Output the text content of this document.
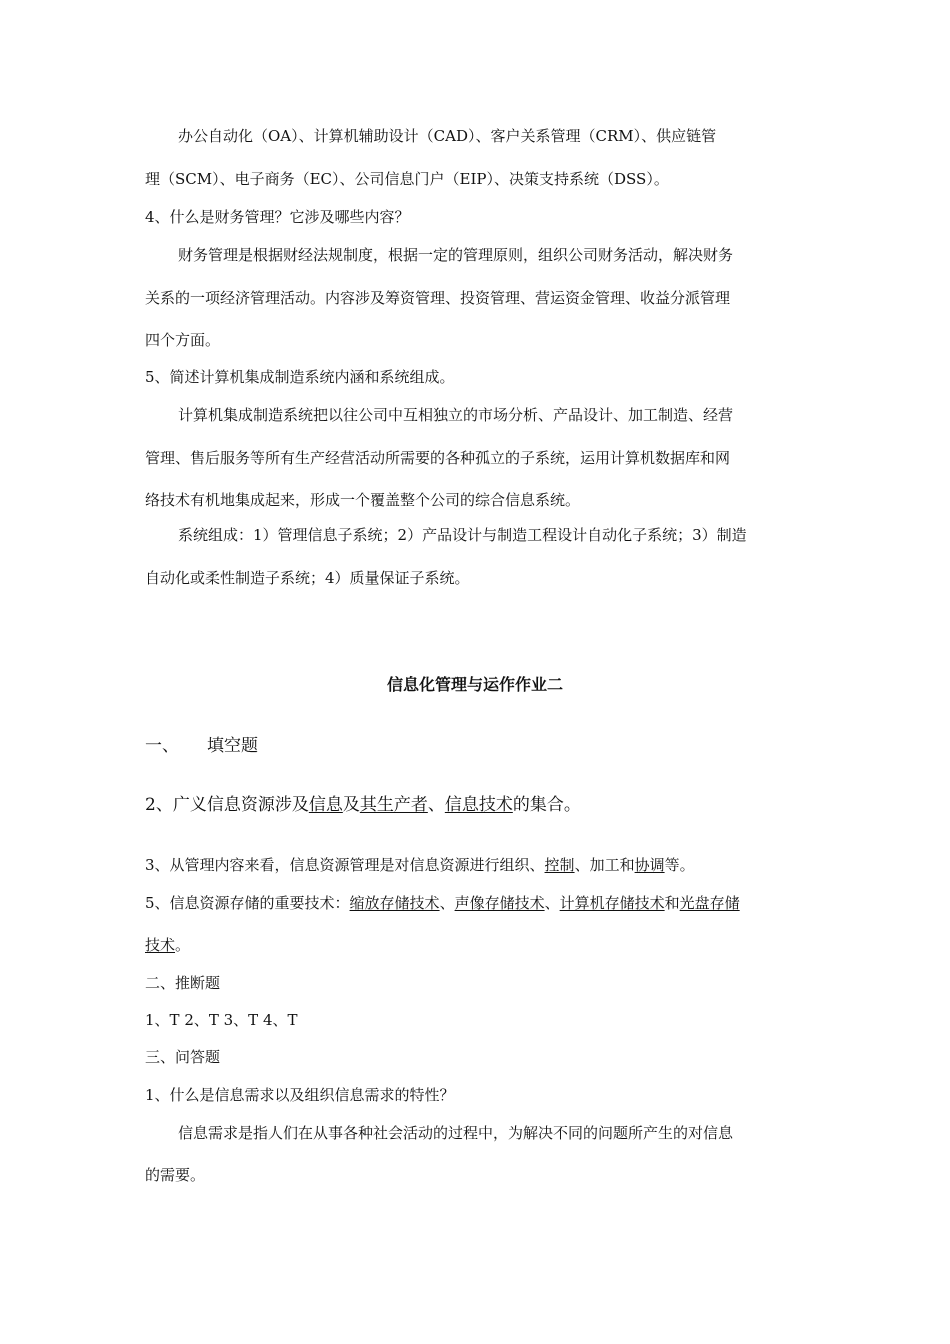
办公自动化（OA）、计算机辅助设计（CAD）、客户关系管理（CRM）、供应链管
理（SCM）、电子商务（EC）、公司信息门户（EIP）、决策支持系统（DSS）。
4、什么是财务管理？它涉及哪些内容？
财务管理是根据财经法规制度，根据一定的管理原则，组织公司财务活动，解决财务
关系的一项经济管理活动。内容涉及筹资管理、投资管理、营运资金管理、收益分派管理
四个方面。
5、简述计算机集成制造系统内涵和系统组成。
计算机集成制造系统把以往公司中互相独立的市场分析、产品设计、加工制造、经营
管理、售后服务等所有生产经营活动所需要的各种孤立的子系统，运用计算机数据库和网
络技术有机地集成起来，形成一个覆盖整个公司的综合信息系统。
系统组成：1）管理信息子系统；2）产品设计与制造工程设计自动化子系统；3）制造
自动化或柔性制造子系统；4）质量保证子系统。
信息化管理与运作作业二
一、 填空题
2、广义信息资源涉及信息及其生产者、信息技术的集合。
3、从管理内容来看，信息资源管理是对信息资源进行组织、控制、加工和协调等。
5、信息资源存储的重要技术：缩放存储技术、声像存储技术、计算机存储技术和光盘存储
技术。
二、推断题
1、T 2、T 3、T 4、T
三、问答题
1、什么是信息需求以及组织信息需求的特性？
信息需求是指人们在从事各种社会活动的过程中，为解决不同的问题所产生的对信息
的需要。
